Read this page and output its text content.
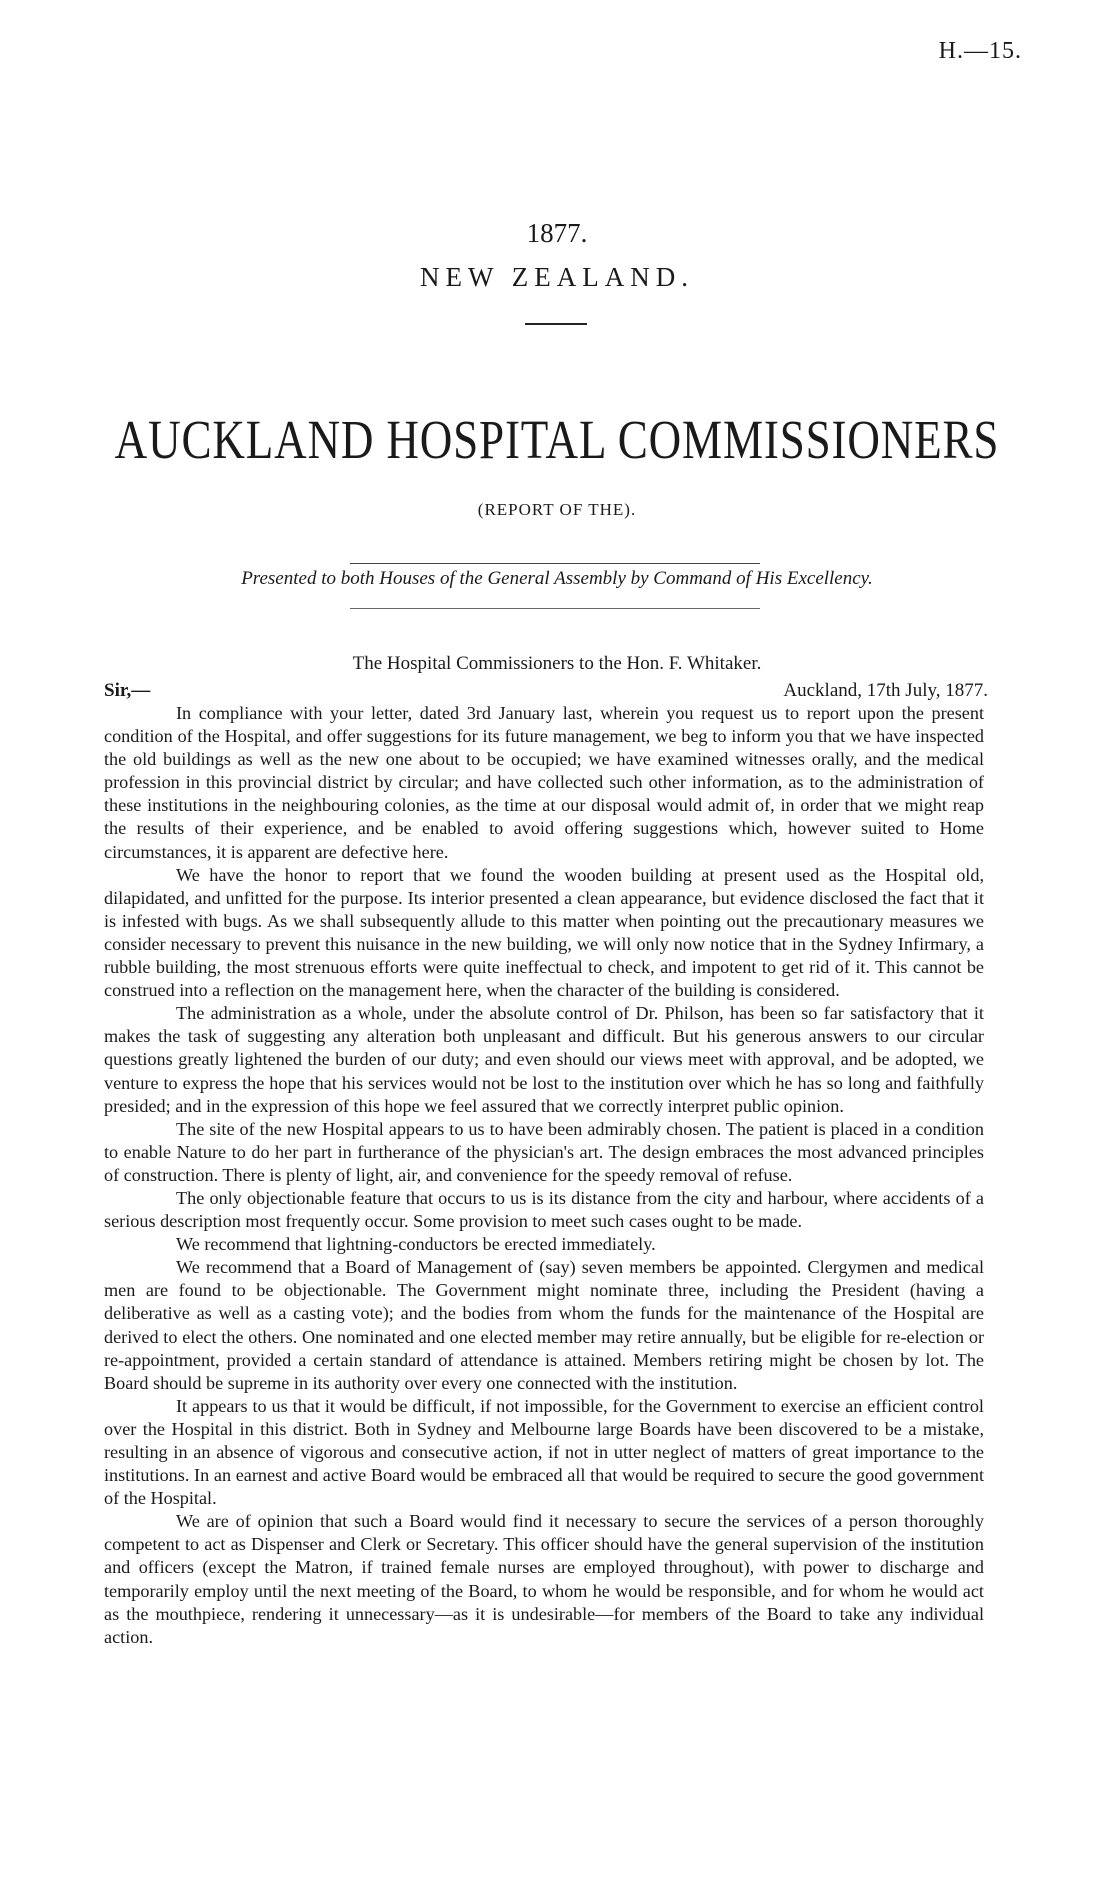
H.—15.
1877.
NEW ZEALAND.
AUCKLAND HOSPITAL COMMISSIONERS
(REPORT OF THE).
Presented to both Houses of the General Assembly by Command of His Excellency.
The Hospital Commissioners to the Hon. F. Whitaker.
Sir,—	Auckland, 17th July, 1877.

In compliance with your letter, dated 3rd January last, wherein you request us to report upon the present condition of the Hospital, and offer suggestions for its future management, we beg to inform you that we have inspected the old buildings as well as the new one about to be occupied; we have examined witnesses orally, and the medical profession in this provincial district by circular; and have collected such other information, as to the administration of these institutions in the neighbouring colonies, as the time at our disposal would admit of, in order that we might reap the results of their experience, and be enabled to avoid offering suggestions which, however suited to Home circumstances, it is apparent are defective here.

We have the honor to report that we found the wooden building at present used as the Hospital old, dilapidated, and unfitted for the purpose. Its interior presented a clean appearance, but evidence disclosed the fact that it is infested with bugs. As we shall subsequently allude to this matter when pointing out the precautionary measures we consider necessary to prevent this nuisance in the new building, we will only now notice that in the Sydney Infirmary, a rubble building, the most strenuous efforts were quite ineffectual to check, and impotent to get rid of it. This cannot be construed into a reflection on the management here, when the character of the building is considered.

The administration as a whole, under the absolute control of Dr. Philson, has been so far satisfactory that it makes the task of suggesting any alteration both unpleasant and difficult. But his generous answers to our circular questions greatly lightened the burden of our duty; and even should our views meet with approval, and be adopted, we venture to express the hope that his services would not be lost to the institution over which he has so long and faithfully presided; and in the expression of this hope we feel assured that we correctly interpret public opinion.

The site of the new Hospital appears to us to have been admirably chosen. The patient is placed in a condition to enable Nature to do her part in furtherance of the physician's art. The design embraces the most advanced principles of construction. There is plenty of light, air, and convenience for the speedy removal of refuse.

The only objectionable feature that occurs to us is its distance from the city and harbour, where accidents of a serious description most frequently occur. Some provision to meet such cases ought to be made.

We recommend that lightning-conductors be erected immediately.

We recommend that a Board of Management of (say) seven members be appointed. Clergymen and medical men are found to be objectionable. The Government might nominate three, including the President (having a deliberative as well as a casting vote); and the bodies from whom the funds for the maintenance of the Hospital are derived to elect the others. One nominated and one elected member may retire annually, but be eligible for re-election or re-appointment, provided a certain standard of attendance is attained. Members retiring might be chosen by lot. The Board should be supreme in its authority over every one connected with the institution.

It appears to us that it would be difficult, if not impossible, for the Government to exercise an efficient control over the Hospital in this district. Both in Sydney and Melbourne large Boards have been discovered to be a mistake, resulting in an absence of vigorous and consecutive action, if not in utter neglect of matters of great importance to the institutions. In an earnest and active Board would be embraced all that would be required to secure the good government of the Hospital.

We are of opinion that such a Board would find it necessary to secure the services of a person thoroughly competent to act as Dispenser and Clerk or Secretary. This officer should have the general supervision of the institution and officers (except the Matron, if trained female nurses are employed throughout), with power to discharge and temporarily employ until the next meeting of the Board, to whom he would be responsible, and for whom he would act as the mouthpiece, rendering it unnecessary—as it is undesirable—for members of the Board to take any individual action.
